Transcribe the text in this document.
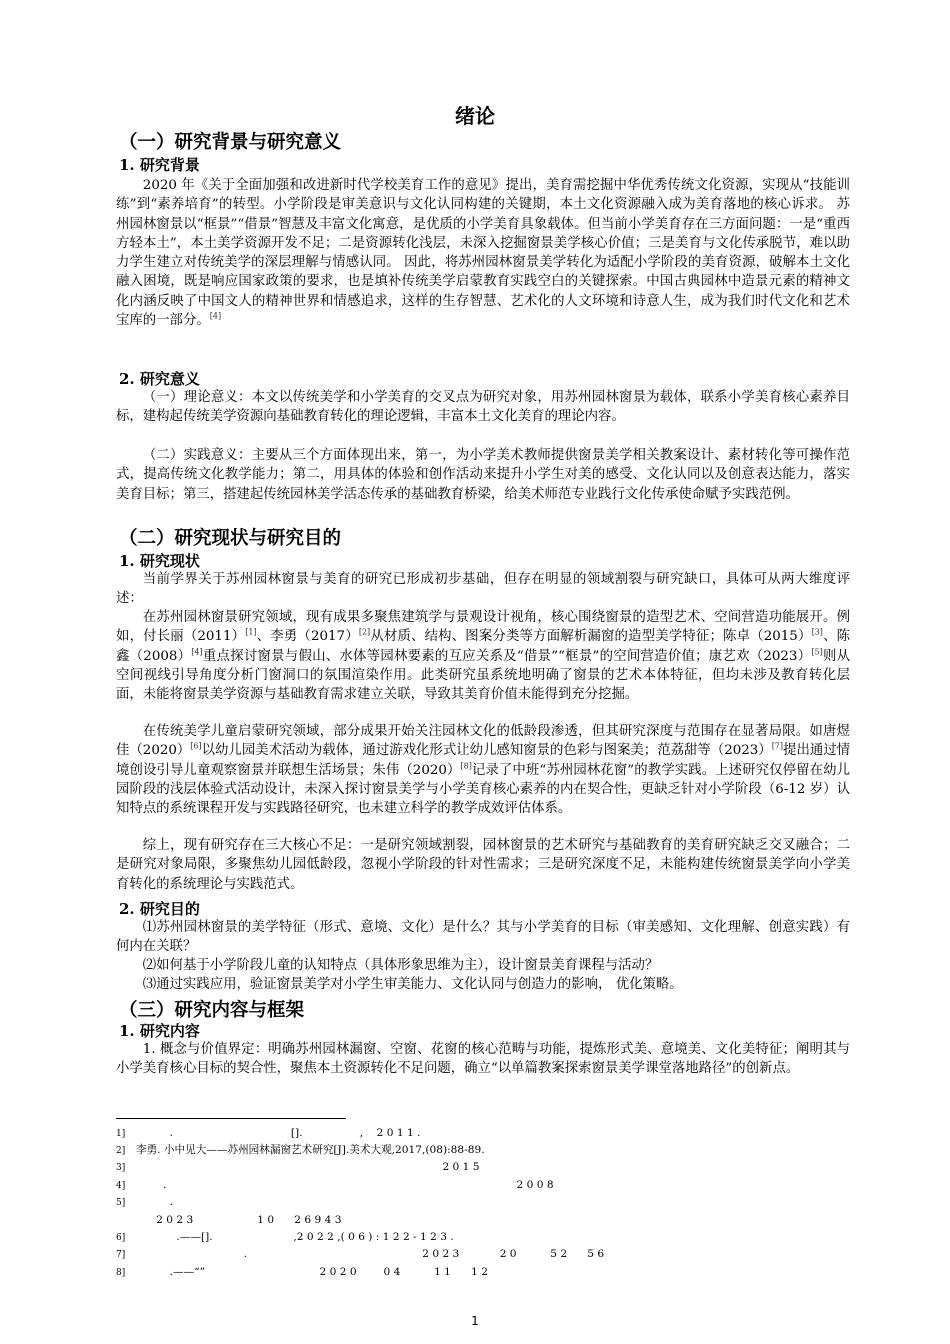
绪论
（一）研究背景与研究意义
1. 研究背景
2020 年《关于全面加强和改进新时代学校美育工作的意见》提出，美育需挖掘中华优秀传统文化资源，实现从“技能训练”到“素养培育”的转型。小学阶段是审美意识与文化认同构建的关键期，本土文化资源融入成为美育落地的核心诉求。 苏州园林窗景以“框景”“借景”智慧及丰富文化寓意，是优质的小学美育具象载体。但当前小学美育存在三方面问题：一是“重西方轻本土”，本土美学资源开发不足；二是资源转化浅层，未深入挖掘窗景美学核心价值；三是美育与文化传承脱节，难以助力学生建立对传统美学的深层理解与情感认同。 因此，将苏州园林窗景美学转化为适配小学阶段的美育资源，破解本土文化融入困境，既是响应国家政策的要求，也是填补传统美学启蒙教育实践空白的关键探索。中国古典园林中造景元素的精神文化内涵反映了中国文人的精神世界和情感追求，这样的生存智慧、艺术化的人文环境和诗意人生，成为我们时代文化和艺术宝库的一部分。[4]
2. 研究意义
（一）理论意义：本文以传统美学和小学美育的交叉点为研究对象，用苏州园林窗景为载体，联系小学美育核心素养目标，建构起传统美学资源向基础教育转化的理论逻辑，丰富本土文化美育的理论内容。
（二）实践意义：主要从三个方面体现出来，第一，为小学美术教师提供窗景美学相关教案设计、素材转化等可操作范式，提高传统文化教学能力；第二，用具体的体验和创作活动来提升小学生对美的感受、文化认同以及创意表达能力，落实美育目标；第三，搭建起传统园林美学活态传承的基础教育桥梁，给美术师范专业践行文化传承使命赋予实践范例。
（二）研究现状与研究目的
1. 研究现状
当前学界关于苏州园林窗景与美育的研究已形成初步基础，但存在明显的领域割裂与研究缺口，具体可从两大维度评述：
在苏州园林窗景研究领域，现有成果多聚焦建筑学与景观设计视角，核心围绕窗景的造型艺术、空间营造功能展开。例如，付长丽（2011）[1]、李勇（2017）[2]从材质、结构、图案分类等方面解析漏窗的造型美学特征；陈卓（2015）[3]、陈鑫（2008）[4]重点探讨窗景与假山、水体等园林要素的互应关系及“借景”“框景”的空间营造价值；康艺欢（2023）[5]则从空间视线引导角度分析门窗洞口的氛围渲染作用。此类研究虽系统地明确了窗景的艺术本体特征，但均未涉及教育转化层面，未能将窗景美学资源与基础教育需求建立关联，导致其美育价值未能得到充分挖掘。
在传统美学儿童启蒙研究领域，部分成果开始关注园林文化的低龄段渗透，但其研究深度与范围存在显著局限。如唐煜佳（2020）[6]以幼儿园美术活动为载体，通过游戏化形式让幼儿感知窗景的色彩与图案美；范荔甜等（2023）[7]提出通过情境创设引导儿童观察窗景并联想生活场景；朱伟（2020）[8]记录了中班“苏州园林花窗”的教学实践。上述研究仅停留在幼儿园阶段的浅层体验式活动设计，未深入探讨窗景美学与小学美育核心素养的内在契合性，更缺乏针对小学阶段（6-12 岁）认知特点的系统课程开发与实践路径研究，也未建立科学的教学成效评估体系。
综上，现有研究存在三大核心不足：一是研究领域割裂，园林窗景的艺术研究与基础教育的美育研究缺乏交叉融合；二是研究对象局限，多聚焦幼儿园低龄段，忽视小学阶段的针对性需求；三是研究深度不足，未能构建传统窗景美学向小学美育转化的系统理论与实践范式。
2. 研究目的
⑴苏州园林窗景的美学特征（形式、意境、文化）是什么？其与小学美育的目标（审美感知、文化理解、创意实践）有何内在关联？
⑵如何基于小学阶段儿童的认知特点（具体形象思维为主），设计窗景美育课程与活动？
⑶通过实践应用，验证窗景美学对小学生审美能力、文化认同与创造力的影响， 优化策略。
（三）研究内容与框架
1. 研究内容
1. 概念与价值界定：明确苏州园林漏窗、空窗、花窗的核心范畴与功能，提炼形式美、意境美、文化美特征；阐明其与小学美育核心目标的契合性，聚焦本土资源转化不足问题，确立“以单篇教案探索窗景美学课堂落地路径”的创新点。
1]          .                                   [].                 ,    2 0 1 1 .
2] 李勇. 小中见大——苏州园林漏窗艺术研究[J].美术大观,2017,(08):88-89.
3]                                                                                           2 0 1 5
4]        .                                                                                                        2 0 0 8
5]          .
2 0 2 3                   1 0      2 6 9 4 3
6]            .——[].                        ,2 0 2 2 ,( 0 6 ) : 1 2 2 - 1 2 3 .
7]                                .                                                    2 0 2 3            2 0          5 2      5 6
8]          .——“”                                  2 0 2 0        0 4          1 1      1 2
1
